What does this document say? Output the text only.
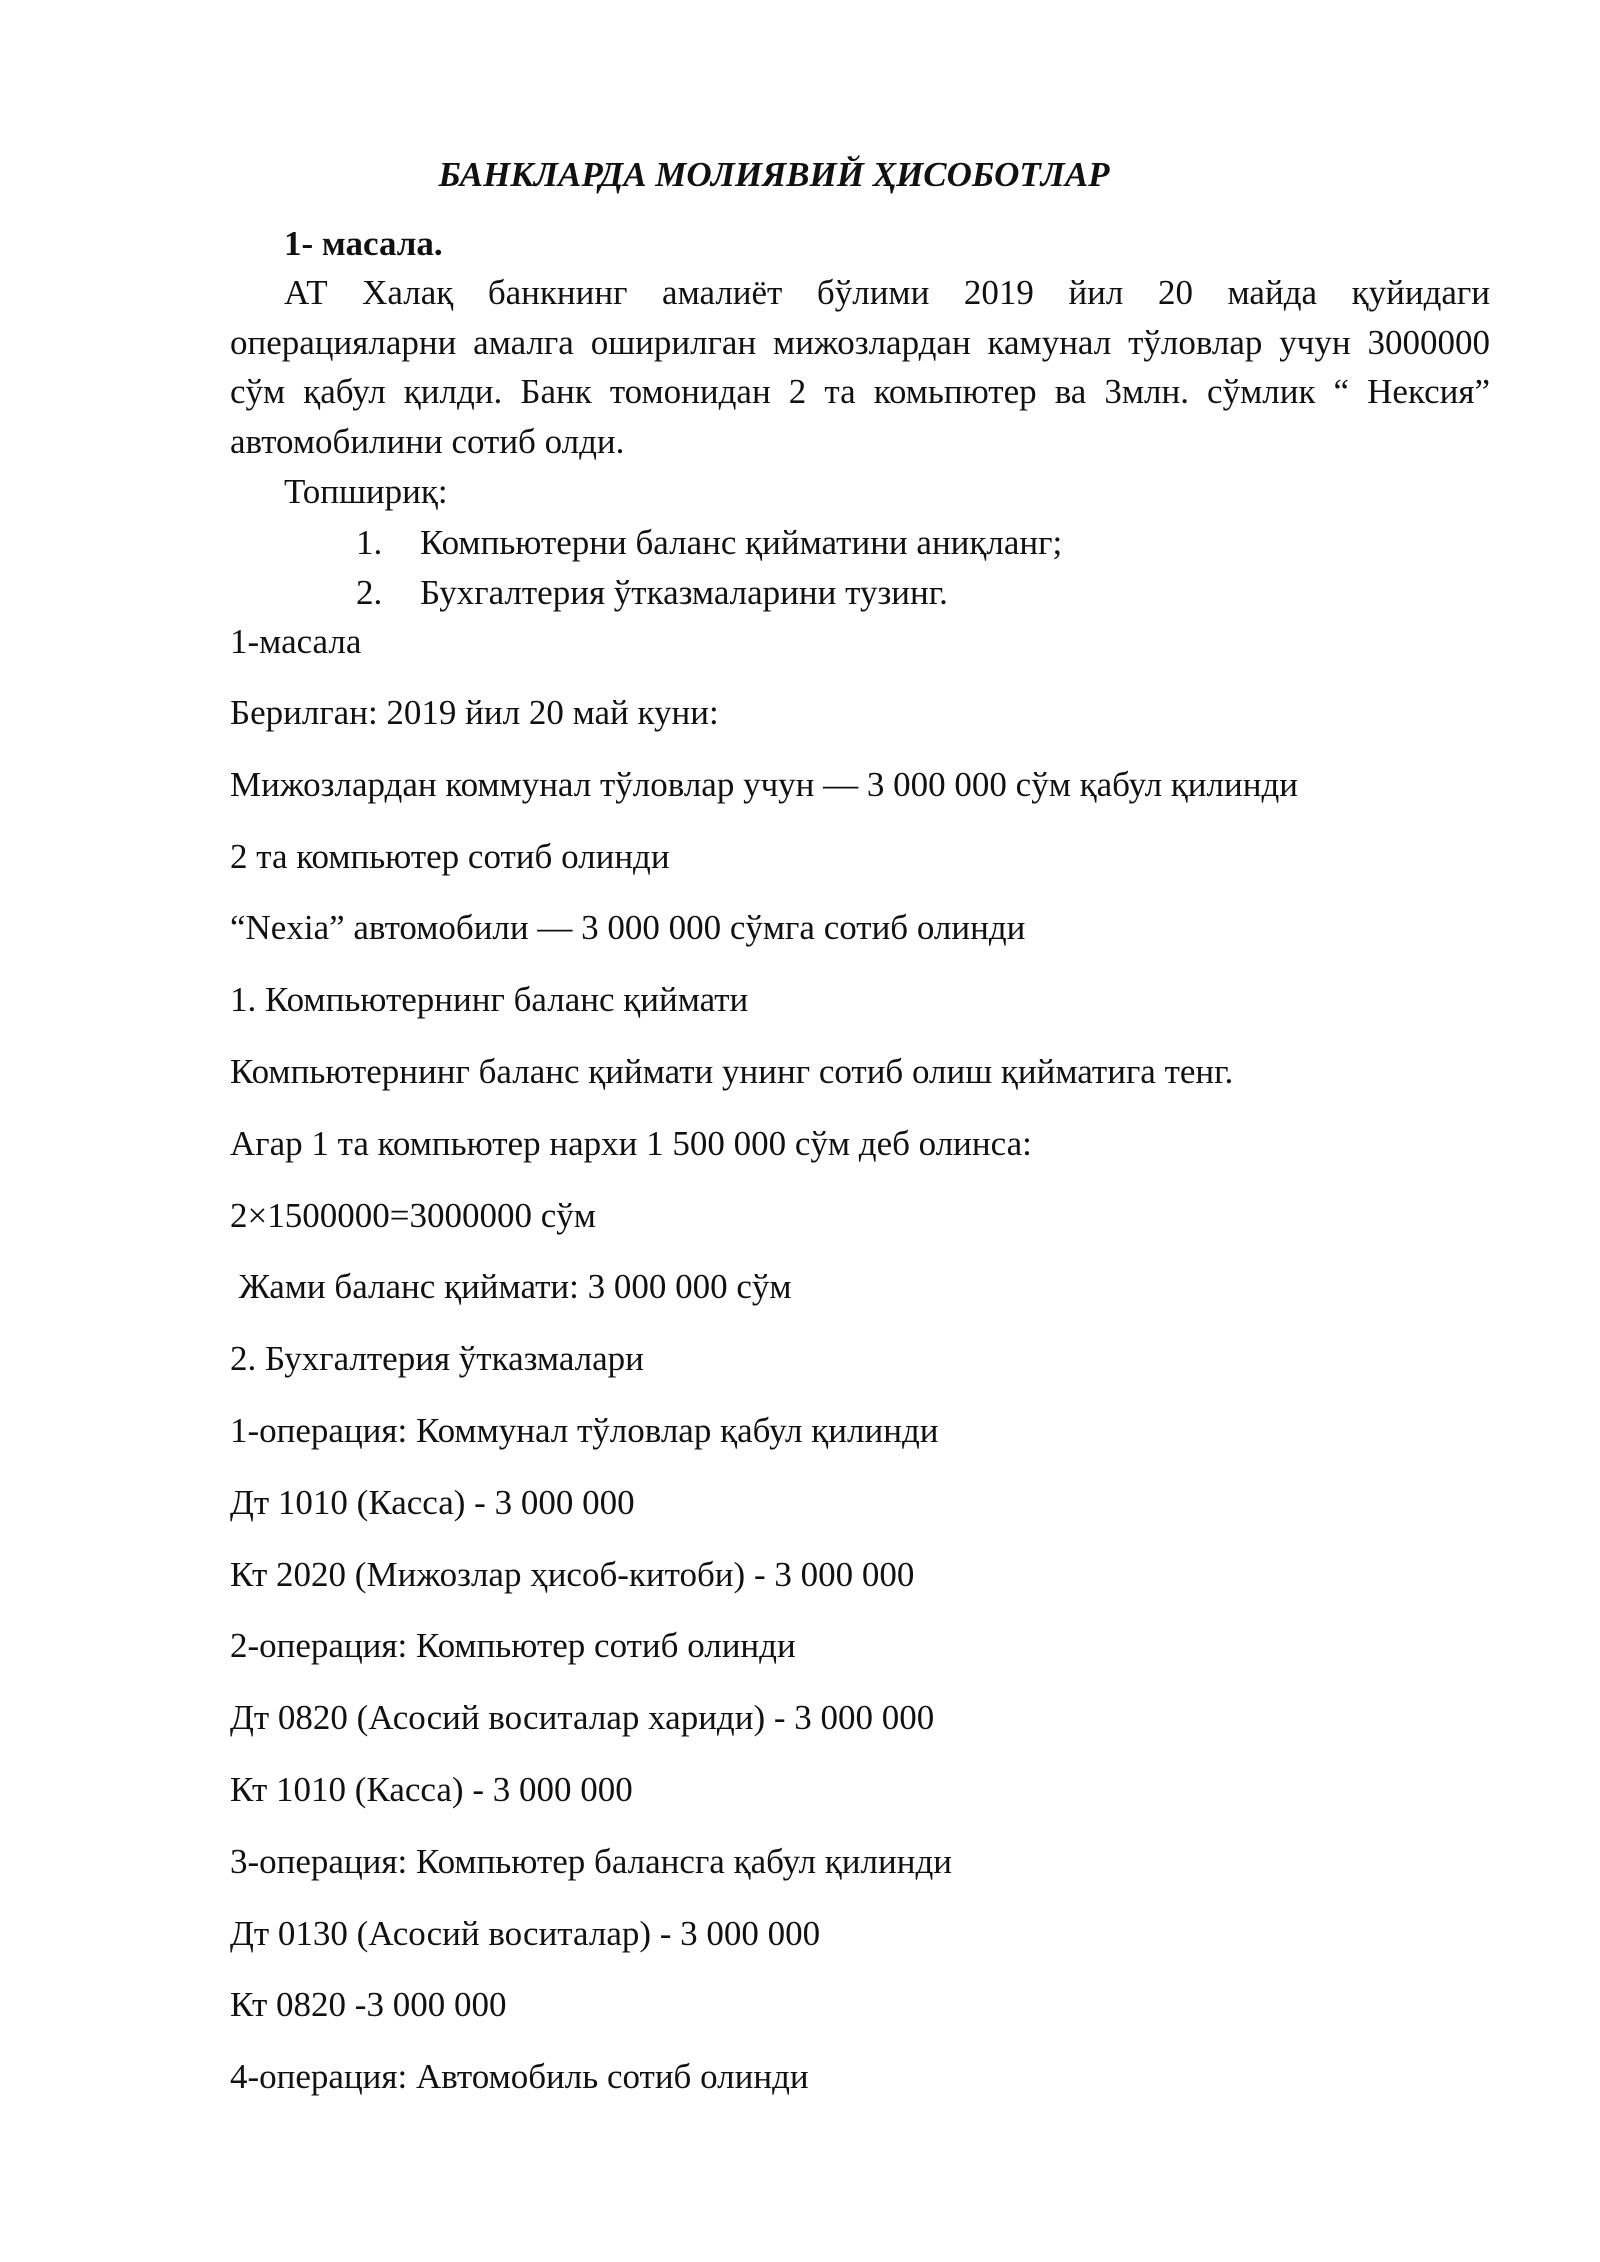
БАНКЛАРДА МОЛИЯВИЙ ҲИСОБОТЛАР
1- масала.

АТ Халақ банкнинг амалиёт бўлими 2019 йил 20 майда қуйидаги операцияларни амалга оширилган мижозлардан камунал тўловлар учун 3000000 сўм қабул қилди. Банк томонидан 2 та комьпютер ва 3млн. сўмлик “ Нексия” автомобилини сотиб олди.

Топшириқ:
1. Компьютерни баланс қийматини аниқланг;
2. Бухгалтерия ўтказмаларини тузинг.
1-масала
Берилган: 2019 йил 20 май куни:
Мижозлардан коммунал тўловлар учун — 3 000 000 сўм қабул қилинди
2 та компьютер сотиб олинди
“Nexia” автомобили — 3 000 000 сўмга сотиб олинди
1. Компьютернинг баланс қиймати
Компьютернинг баланс қиймати унинг сотиб олиш қийматига тенг.
Агар 1 та компьютер нархи 1 500 000 сўм деб олинса:
2×1500000=3000000 сўм
Жами баланс қиймати: 3 000 000 сўм
2. Бухгалтерия ўтказмалари
1-операция: Коммунал тўловлар қабул қилинди
Дт 1010 (Касса) - 3 000 000
Кт 2020 (Мижозлар ҳисоб-китоби) - 3 000 000
2-операция: Компьютер сотиб олинди
Дт 0820 (Асосий воситалар хариди) - 3 000 000
Кт 1010 (Касса) - 3 000 000
3-операция: Компьютер балансга қабул қилинди
Дт 0130 (Асосий воситалар) - 3 000 000
Кт 0820 -3 000 000
4-операция: Автомобиль сотиб олинди
